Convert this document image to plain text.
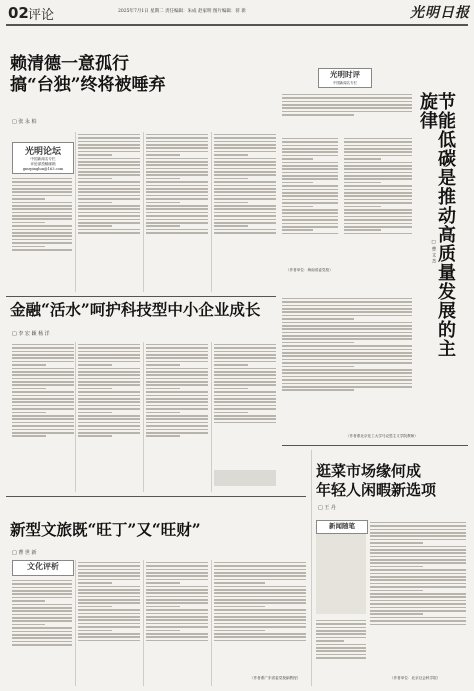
02 评论	2025年7月1日 星期二 责任编辑：朱成 赵家明 图片编辑：蒋 新	光明日报
赖清德一意孤行
搞“台独”终将被唾弃
□ 张 永 柏
光明论坛
中国新闻名专栏
评论部投稿邮箱
gmrpinglun@163.com
光明时评
中国新闻名专栏
（作者单位：海南省委党校）	节能低碳是推动高质量发展的主旋律
□ 曹 文 杰
（作者系北京化工大学马克思主义学院教师）
金融“活水”呵护科技型中小企业成长
□ 李 宏 颖 杨 洋
逛菜市场缘何成
年轻人闲暇新选项
□ 王 丹
新闻随笔
（作者单位：北京社会科学院）
新型文旅既“旺丁”又“旺财”
□ 曹 世 新
文化评析
（作者系广东省委党校副教授）
